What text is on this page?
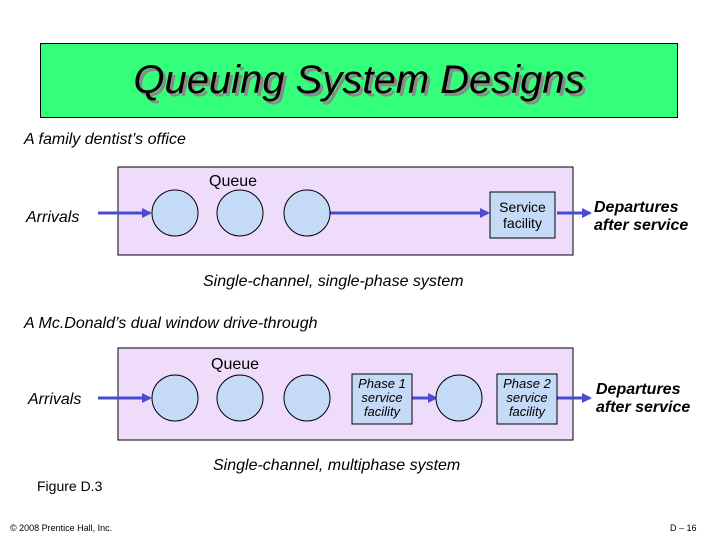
Queuing System Designs
A family dentist’s office
Queue
Arrivals
Service
facility
Departures
after service
Single-channel, single-phase system
A Mc.Donald’s dual window drive-through
Queue
Arrivals
Phase 1
service
facility
Phase 2
service
facility
Departures
after service
Single-channel, multiphase system
Figure D.3
© 2008 Prentice Hall, Inc.	D – 16
